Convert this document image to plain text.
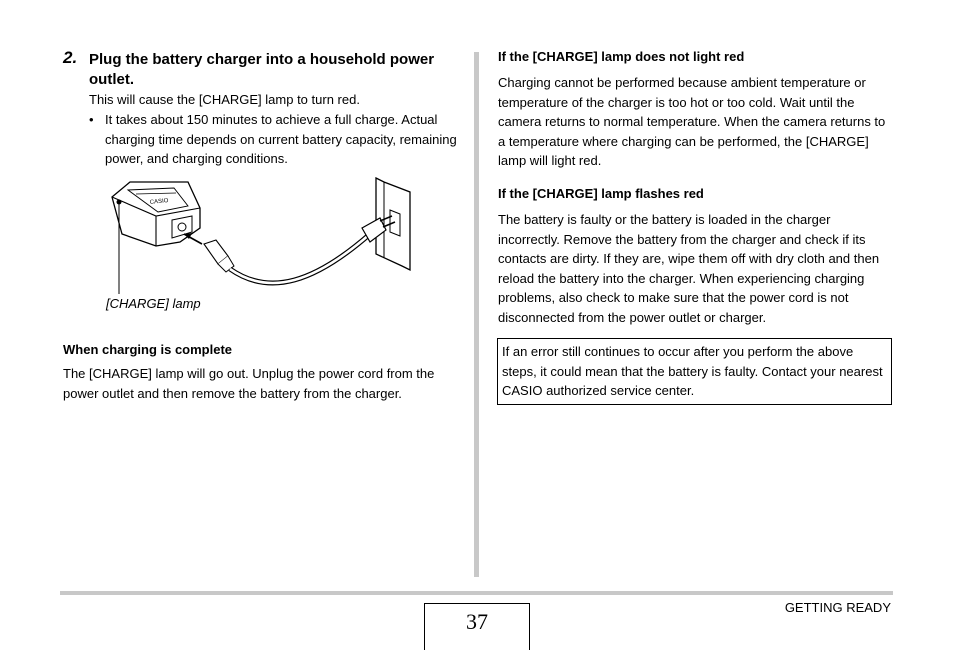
2. Plug the battery charger into a household power outlet.
This will cause the [CHARGE] lamp to turn red.
• It takes about 150 minutes to achieve a full charge. Actual charging time depends on current battery capacity, remaining power, and charging conditions.
CASIO
[CHARGE] lamp
When charging is complete
The [CHARGE] lamp will go out. Unplug the power cord from the power outlet and then remove the battery from the charger.
If the [CHARGE] lamp does not light red
Charging cannot be performed because ambient temperature or temperature of the charger is too hot or too cold. Wait until the camera returns to normal temperature. When the camera returns to a temperature where charging can be performed, the [CHARGE] lamp will light red.
If the [CHARGE] lamp flashes red
The battery is faulty or the battery is loaded in the charger incorrectly. Remove the battery from the charger and check if its contacts are dirty. If they are, wipe them off with dry cloth and then reload the battery into the charger. When experiencing charging problems, also check to make sure that the power cord is not disconnected from the power outlet or charger.
If an error still continues to occur after you perform the above steps, it could mean that the battery is faulty. Contact your nearest CASIO authorized service center.
37
GETTING READY
